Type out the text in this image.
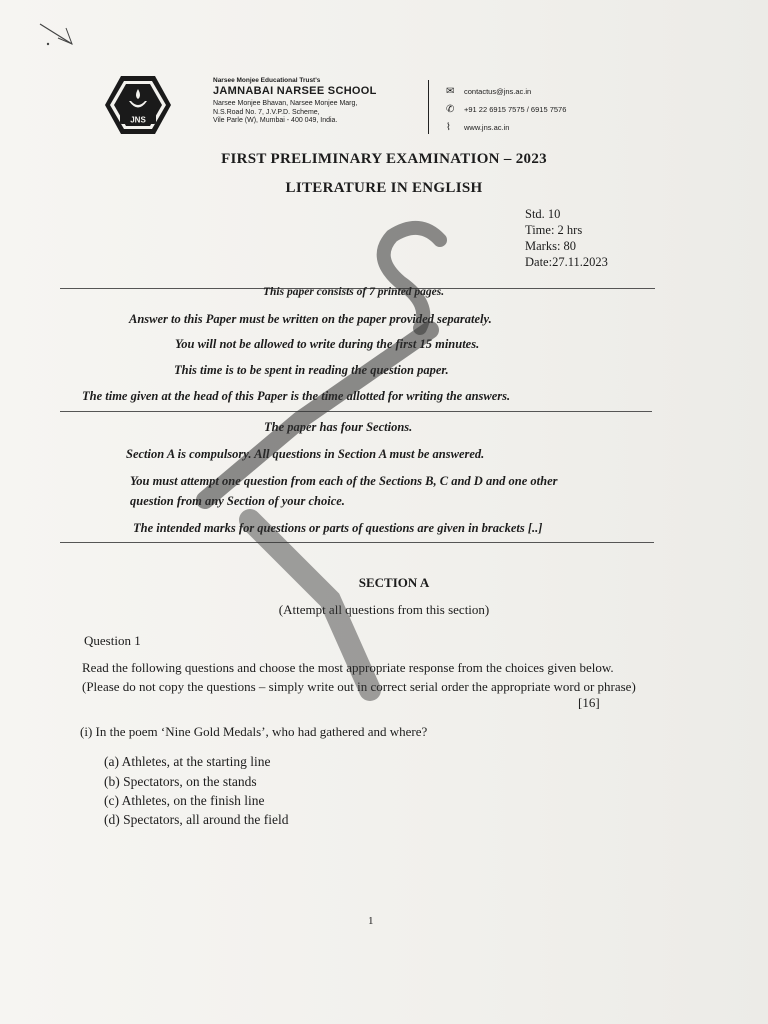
JNS
Narsee Monjee Educational Trust's
JAMNABAI NARSEE SCHOOL
Narsee Monjee Bhavan, Narsee Monjee Marg,
N.S.Road No. 7, J.V.P.D. Scheme,
Vile Parle (W), Mumbai - 400 049, India.
✉	contactus@jns.ac.in
✆	+91 22 6915 7575 / 6915 7576
⌇	www.jns.ac.in
FIRST PRELIMINARY EXAMINATION – 2023
LITERATURE IN ENGLISH
Std. 10
Time: 2 hrs
Marks: 80
Date:27.11.2023
This paper consists of 7 printed pages.
Answer to this Paper must be written on the paper provided separately.
You will not be allowed to write during the first 15 minutes.
This time is to be spent in reading the question paper.
The time given at the head of this Paper is the time allotted for writing the answers.
The paper has four Sections.
Section A is compulsory. All questions in Section A must be answered.
You must attempt one question from each of the Sections B, C and D and one other
question from any Section of your choice.
The intended marks for questions or parts of questions are given in brackets [..]
SECTION A
(Attempt all questions from this section)
Question 1
Read the following questions and choose the most appropriate response from the choices given below. (Please do not copy the questions – simply write out in correct serial order the appropriate word or phrase)
[16]
(i) In the poem ‘Nine Gold Medals’, who had gathered and where?
(a) Athletes, at the starting line
(b) Spectators, on the stands
(c) Athletes, on the finish line
(d) Spectators, all around the field
1
